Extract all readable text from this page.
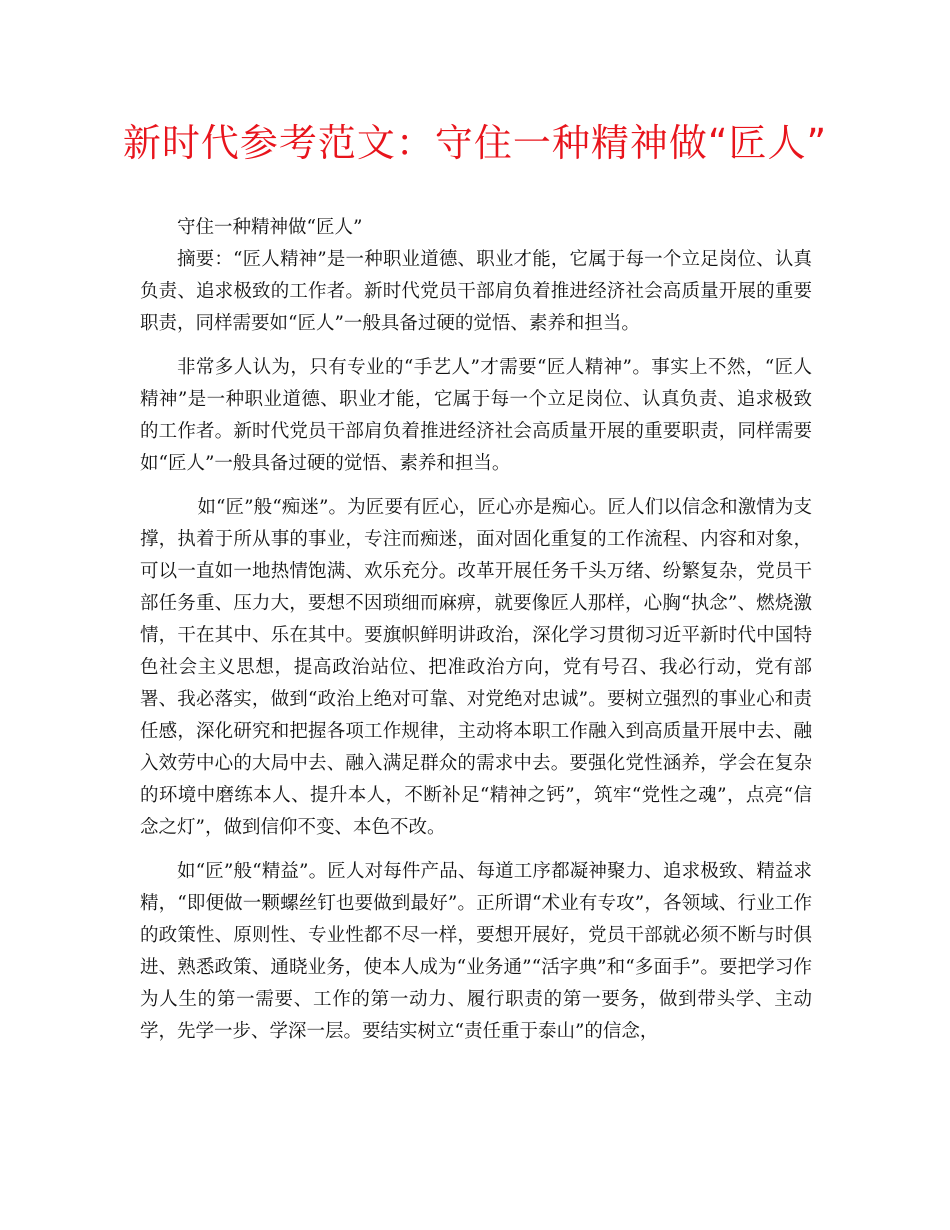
新时代参考范文：守住一种精神做“匠人”

守住一种精神做“匠人”

摘要：“匠人精神”是一种职业道德、职业才能，它属于每一个立足岗位、认真负责、追求极致的工作者。新时代党员干部肩负着推进经济社会高质量开展的重要职责，同样需要如“匠人”一般具备过硬的觉悟、素养和担当。

非常多人认为，只有专业的“手艺人”才需要“匠人精神”。事实上不然，“匠人精神”是一种职业道德、职业才能，它属于每一个立足岗位、认真负责、追求极致的工作者。新时代党员干部肩负着推进经济社会高质量开展的重要职责，同样需要如“匠人”一般具备过硬的觉悟、素养和担当。

如“匠”般“痴迷”。为匠要有匠心，匠心亦是痴心。匠人们以信念和激情为支撑，执着于所从事的事业，专注而痴迷，面对固化重复的工作流程、内容和对象，可以一直如一地热情饱满、欢乐充分。改革开展任务千头万绪、纷繁复杂，党员干部任务重、压力大，要想不因琐细而麻痹，就要像匠人那样，心胸“执念”、燃烧激情，干在其中、乐在其中。要旗帜鲜明讲政治，深化学习贯彻习近平新时代中国特色社会主义思想，提高政治站位、把准政治方向，党有号召、我必行动，党有部署、我必落实，做到“政治上绝对可靠、对党绝对忠诚”。要树立强烈的事业心和责任感，深化研究和把握各项工作规律，主动将本职工作融入到高质量开展中去、融入效劳中心的大局中去、融入满足群众的需求中去。要强化党性涵养，学会在复杂的环境中磨练本人、提升本人，不断补足“精神之钙”，筑牢“党性之魂”，点亮“信念之灯”，做到信仰不变、本色不改。

如“匠”般“精益”。匠人对每件产品、每道工序都凝神聚力、追求极致、精益求精，“即便做一颗螺丝钉也要做到最好”。正所谓“术业有专攻”，各领域、行业工作的政策性、原则性、专业性都不尽一样，要想开展好，党员干部就必须不断与时俱进、熟悉政策、通晓业务，使本人成为“业务通”“活字典”和“多面手”。要把学习作为人生的第一需要、工作的第一动力、履行职责的第一要务，做到带头学、主动学，先学一步、学深一层。要结实树立“责任重于泰山”的信念，
